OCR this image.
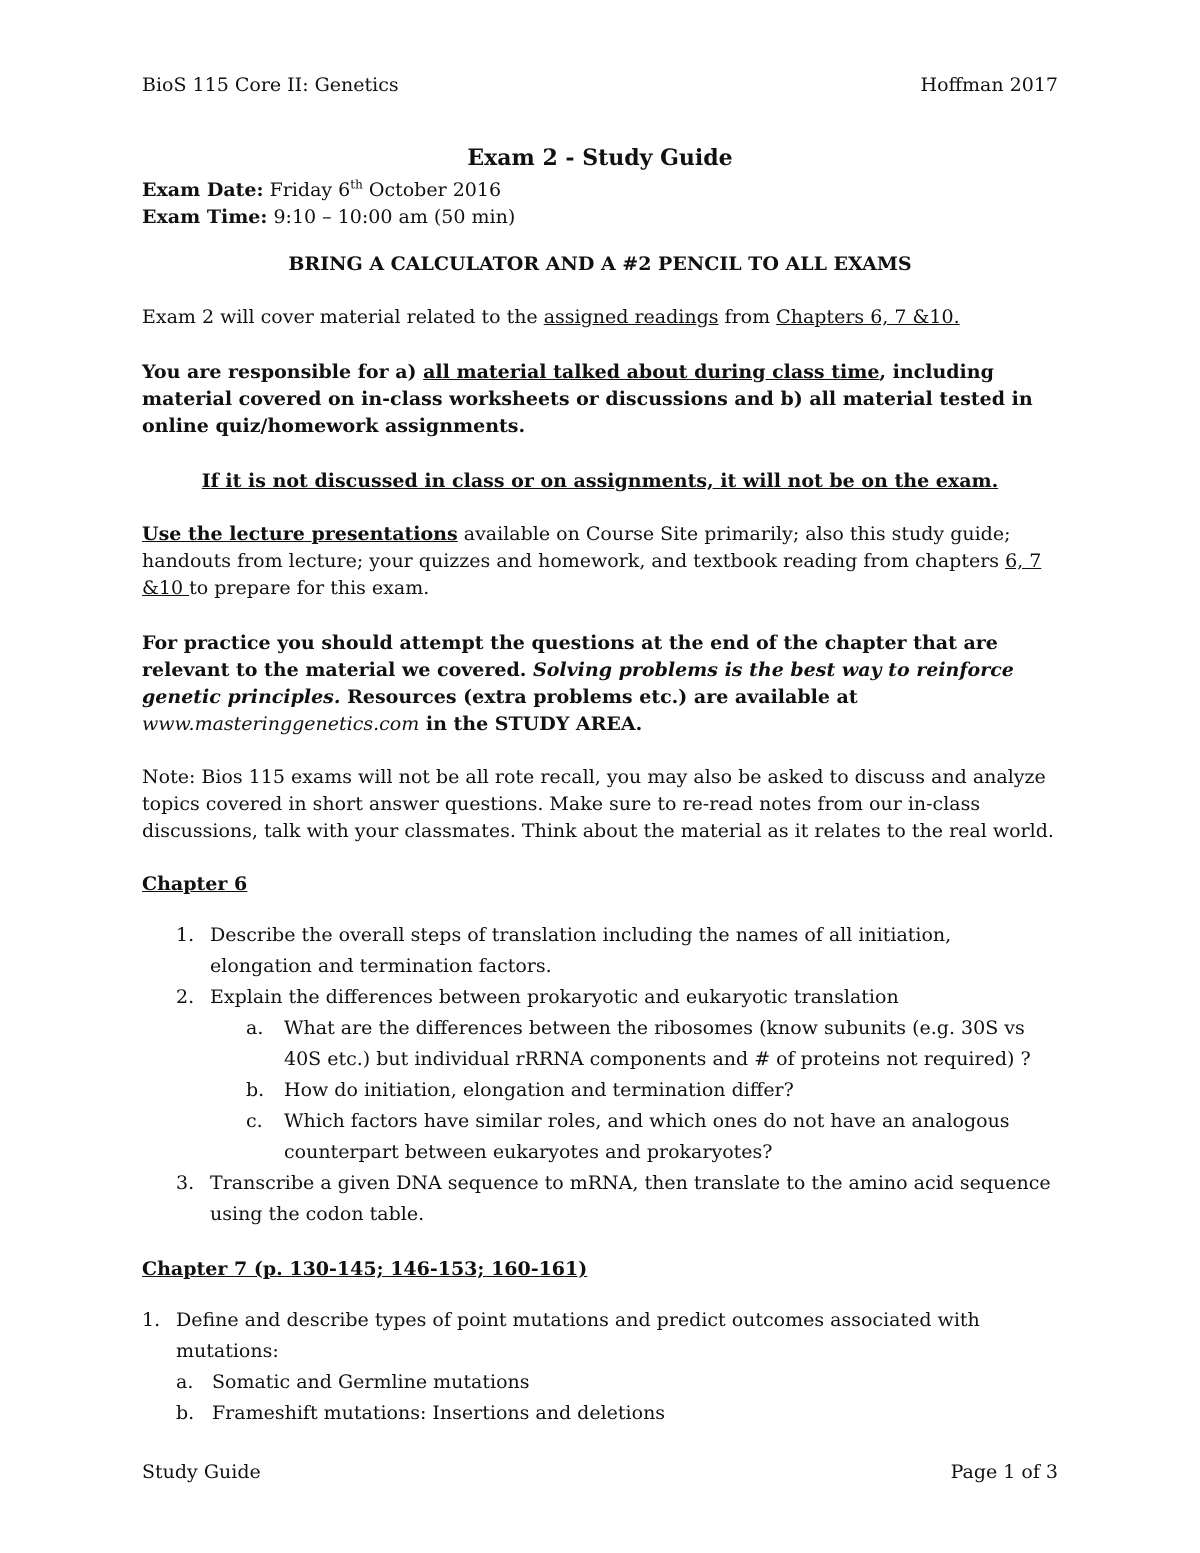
BioS 115 Core II: Genetics	Hoffman 2017

Exam 2 - Study Guide

Exam Date: Friday 6th October 2016

Exam Time: 9:10 – 10:00 am (50 min)

BRING A CALCULATOR AND A #2 PENCIL TO ALL EXAMS

Exam 2 will cover material related to the assigned readings from Chapters 6, 7 &10.

You are responsible for a) all material talked about during class time, including material covered on in-class worksheets or discussions and b) all material tested in online quiz/homework assignments.

If it is not discussed in class or on assignments, it will not be on the exam.

Use the lecture presentations available on Course Site primarily; also this study guide; handouts from lecture; your quizzes and homework, and textbook reading from chapters 6, 7 &10 to prepare for this exam.

For practice you should attempt the questions at the end of the chapter that are relevant to the material we covered. Solving problems is the best way to reinforce genetic principles. Resources (extra problems etc.) are available at www.masteringgenetics.com in the STUDY AREA.

Note: Bios 115 exams will not be all rote recall, you may also be asked to discuss and analyze topics covered in short answer questions. Make sure to re-read notes from our in-class discussions, talk with your classmates. Think about the material as it relates to the real world.

Chapter 6

1. Describe the overall steps of translation including the names of all initiation, elongation and termination factors.
2. Explain the differences between prokaryotic and eukaryotic translation
a. What are the differences between the ribosomes (know subunits (e.g. 30S vs 40S etc.) but individual rRRNA components and # of proteins not required) ?
b. How do initiation, elongation and termination differ?
c. Which factors have similar roles, and which ones do not have an analogous counterpart between eukaryotes and prokaryotes?
3. Transcribe a given DNA sequence to mRNA, then translate to the amino acid sequence using the codon table.

Chapter 7 (p. 130-145; 146-153; 160-161)

1. Define and describe types of point mutations and predict outcomes associated with mutations:
a. Somatic and Germline mutations
b. Frameshift mutations: Insertions and deletions
Study Guide	Page 1 of 3
